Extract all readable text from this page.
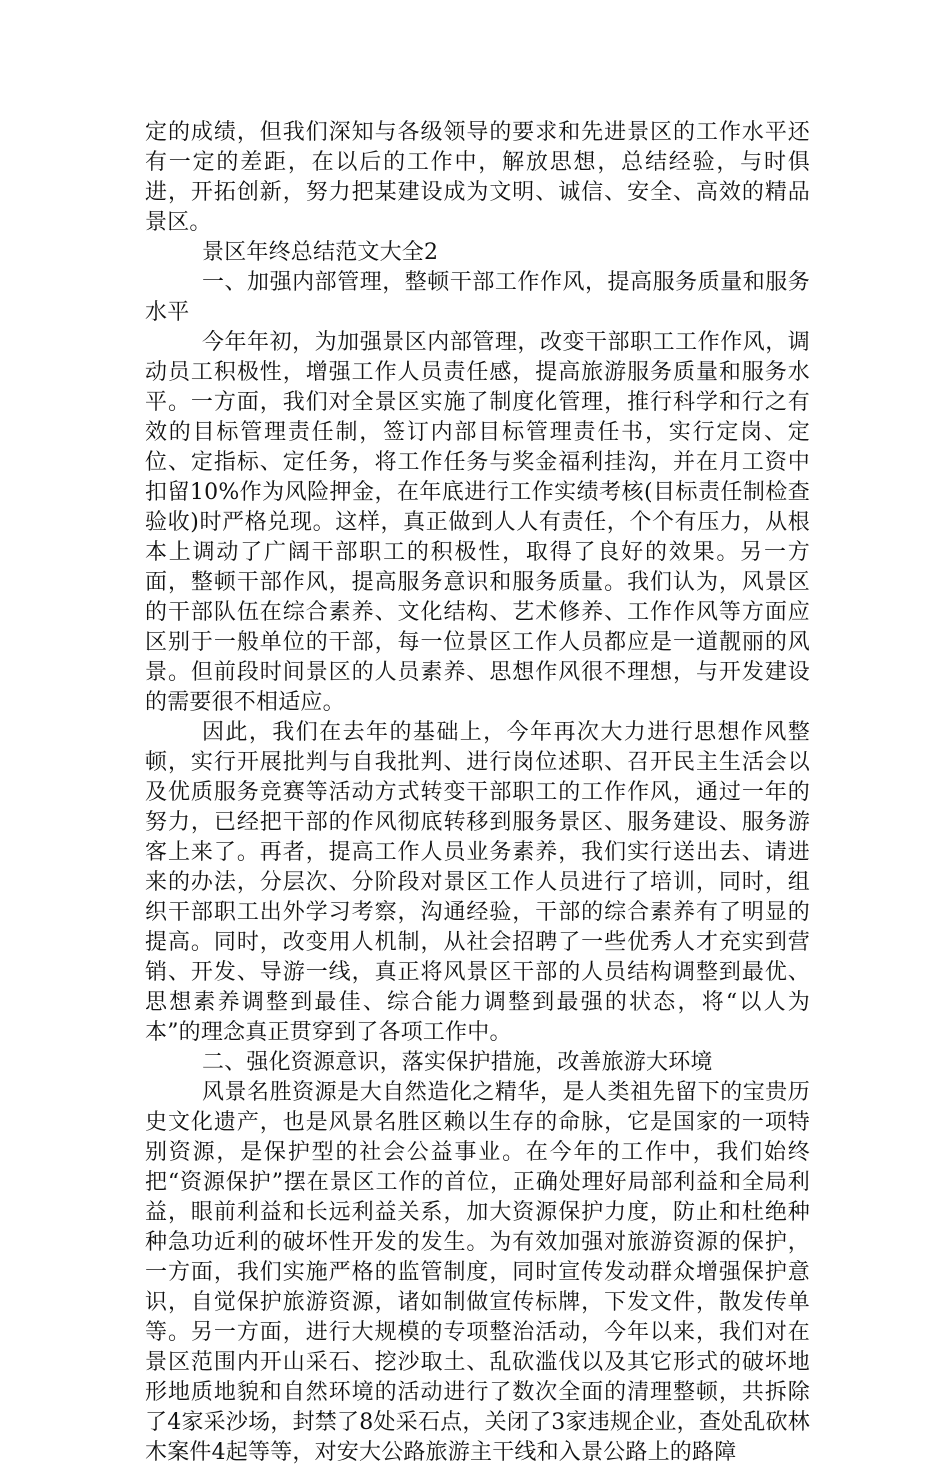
定的成绩，但我们深知与各级领导的要求和先进景区的工作水平还有一定的差距，在以后的工作中，解放思想，总结经验，与时俱进，开拓创新，努力把某建设成为文明、诚信、安全、高效的精品景区。

景区年终总结范文大全2

一、加强内部管理，整顿干部工作作风，提高服务质量和服务水平

今年年初，为加强景区内部管理，改变干部职工工作作风，调动员工积极性，增强工作人员责任感，提高旅游服务质量和服务水平。一方面，我们对全景区实施了制度化管理，推行科学和行之有效的目标管理责任制，签订内部目标管理责任书，实行定岗、定位、定指标、定任务，将工作任务与奖金福利挂沟，并在月工资中扣留10%作为风险押金，在年底进行工作实绩考核(目标责任制检查验收)时严格兑现。这样，真正做到人人有责任，个个有压力，从根本上调动了广阔干部职工的积极性，取得了良好的效果。另一方面，整顿干部作风，提高服务意识和服务质量。我们认为，风景区的干部队伍在综合素养、文化结构、艺术修养、工作作风等方面应区别于一般单位的干部，每一位景区工作人员都应是一道靓丽的风景。但前段时间景区的人员素养、思想作风很不理想，与开发建设的需要很不相适应。

因此，我们在去年的基础上，今年再次大力进行思想作风整顿，实行开展批判与自我批判、进行岗位述职、召开民主生活会以及优质服务竞赛等活动方式转变干部职工的工作作风，通过一年的努力，已经把干部的作风彻底转移到服务景区、服务建设、服务游客上来了。再者，提高工作人员业务素养，我们实行送出去、请进来的办法，分层次、分阶段对景区工作人员进行了培训，同时，组织干部职工出外学习考察，沟通经验，干部的综合素养有了明显的提高。同时，改变用人机制，从社会招聘了一些优秀人才充实到营销、开发、导游一线，真正将风景区干部的人员结构调整到最优、思想素养调整到最佳、综合能力调整到最强的状态，将“以人为本”的理念真正贯穿到了各项工作中。

二、强化资源意识，落实保护措施，改善旅游大环境

风景名胜资源是大自然造化之精华，是人类祖先留下的宝贵历史文化遗产，也是风景名胜区赖以生存的命脉，它是国家的一项特别资源，是保护型的社会公益事业。在今年的工作中，我们始终把“资源保护”摆在景区工作的首位，正确处理好局部利益和全局利益，眼前利益和长远利益关系，加大资源保护力度，防止和杜绝种种急功近利的破坏性开发的发生。为有效加强对旅游资源的保护，一方面，我们实施严格的监管制度，同时宣传发动群众增强保护意识，自觉保护旅游资源，诸如制做宣传标牌，下发文件，散发传单等。另一方面，进行大规模的专项整治活动，今年以来，我们对在景区范围内开山采石、挖沙取土、乱砍滥伐以及其它形式的破坏地形地质地貌和自然环境的活动进行了数次全面的清理整顿，共拆除了4家采沙场，封禁了8处采石点，关闭了3家违规企业，查处乱砍林木案件4起等等，对安大公路旅游主干线和入景公路上的路障
